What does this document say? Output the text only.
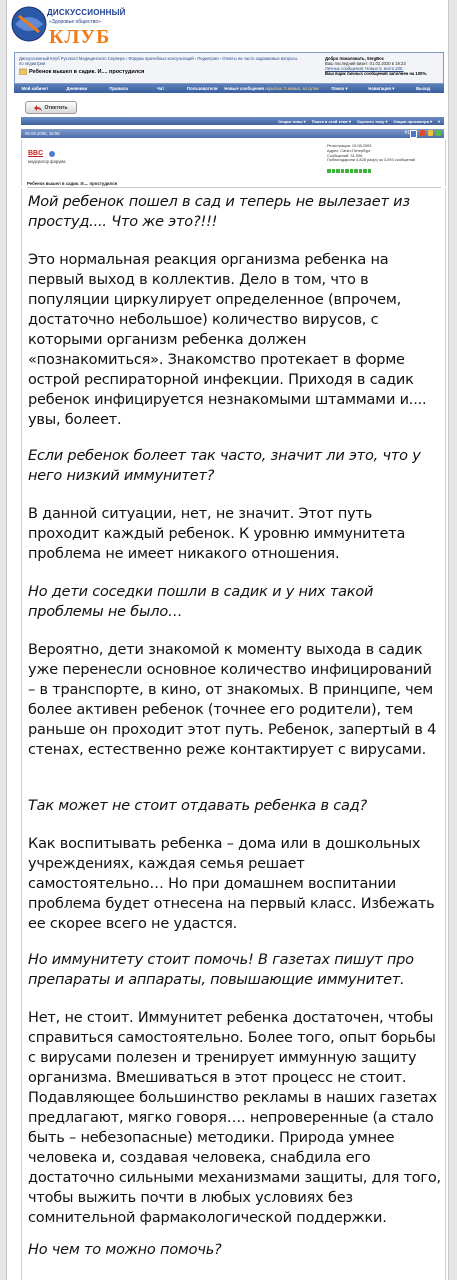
ДИСКУССИОННЫЙ
«Здоровье общество»
КЛУБ
Дискуссионный Клуб Русского Медицинского Сервера › Форумы врачебных консультаций › Педиатрия › Ответы на часто задаваемые вопросы по педиатрии
Ребенок вышел в садик. И.... простудился
Добро пожаловать, SergBoc
Ваш последний визит: 01.02.2020 в 19:23
Личные сообщения: Новых 0, всего 200.
Ваш ящик личных сообщений заполнен на 100%.
Мой кабинет	Дневники	Правила	Чат	Пользователи	Новые сообщения скрытых: 0 новых, за сутки	Поиск ▾	Навигация ▾	Выход
Ответить
Опции темы ▾ Поиск в этой теме ▾ Оценить тему ▾ Опции просмотра ▾ ▾
06.09.2006, 18:56	#1
BBC
модератор форума
Регистрация: 15.08.2005
Адрес: Санкт-Петербург
Сообщений: 31,596
Поблагодарили 4,828 раз(а) за 3,093 сообщений
Ребенок вышел в садик. И.... простудился
Мой ребенок пошел в сад и теперь не вылезает из простуд.... Что же это?!!!
Это нормальная реакция организма ребенка на первый выход в коллектив. Дело в том, что в популяции циркулирует определенное (впрочем, достаточно небольшое) количество вирусов, с которыми организм ребенка должен «познакомиться». Знакомство протекает в форме острой респираторной инфекции. Приходя в садик ребенок инфицируется незнакомыми штаммами и.... увы, болеет.
Если ребенок болеет так часто, значит ли это, что у него низкий иммунитет?
В данной ситуации, нет, не значит. Этот путь проходит каждый ребенок. К уровню иммунитета проблема не имеет никакого отношения.
Но дети соседки пошли в садик и у них такой проблемы не было…
Вероятно, дети знакомой к моменту выхода в садик уже перенесли основное количество инфицирований – в транспорте, в кино, от знакомых. В принципе, чем более активен ребенок (точнее его родители), тем раньше он проходит этот путь. Ребенок, запертый в 4 стенах, естественно реже контактирует с вирусами.
Так может не стоит отдавать ребенка в сад?
Как воспитывать ребенка – дома или в дошкольных учреждениях, каждая семья решает самостоятельно… Но при домашнем воспитании проблема будет отнесена на первый класс. Избежать ее скорее всего не удастся.
Но иммунитету стоит помочь! В газетах пишут про препараты и аппараты, повышающие иммунитет.
Нет, не стоит. Иммунитет ребенка достаточен, чтобы справиться самостоятельно. Более того, опыт борьбы с вирусами полезен и тренирует иммунную защиту организма. Вмешиваться в этот процесс не стоит. Подавляющее большинство рекламы в наших газетах предлагают, мягко говоря…. непроверенные (а стало быть – небезопасные) методики. Природа умнее человека и, создавая человека, снабдила его достаточно сильными механизмами защиты, для того, чтобы выжить почти в любых условиях без сомнительной фармакологической поддержки.
Но чем то можно помочь?
